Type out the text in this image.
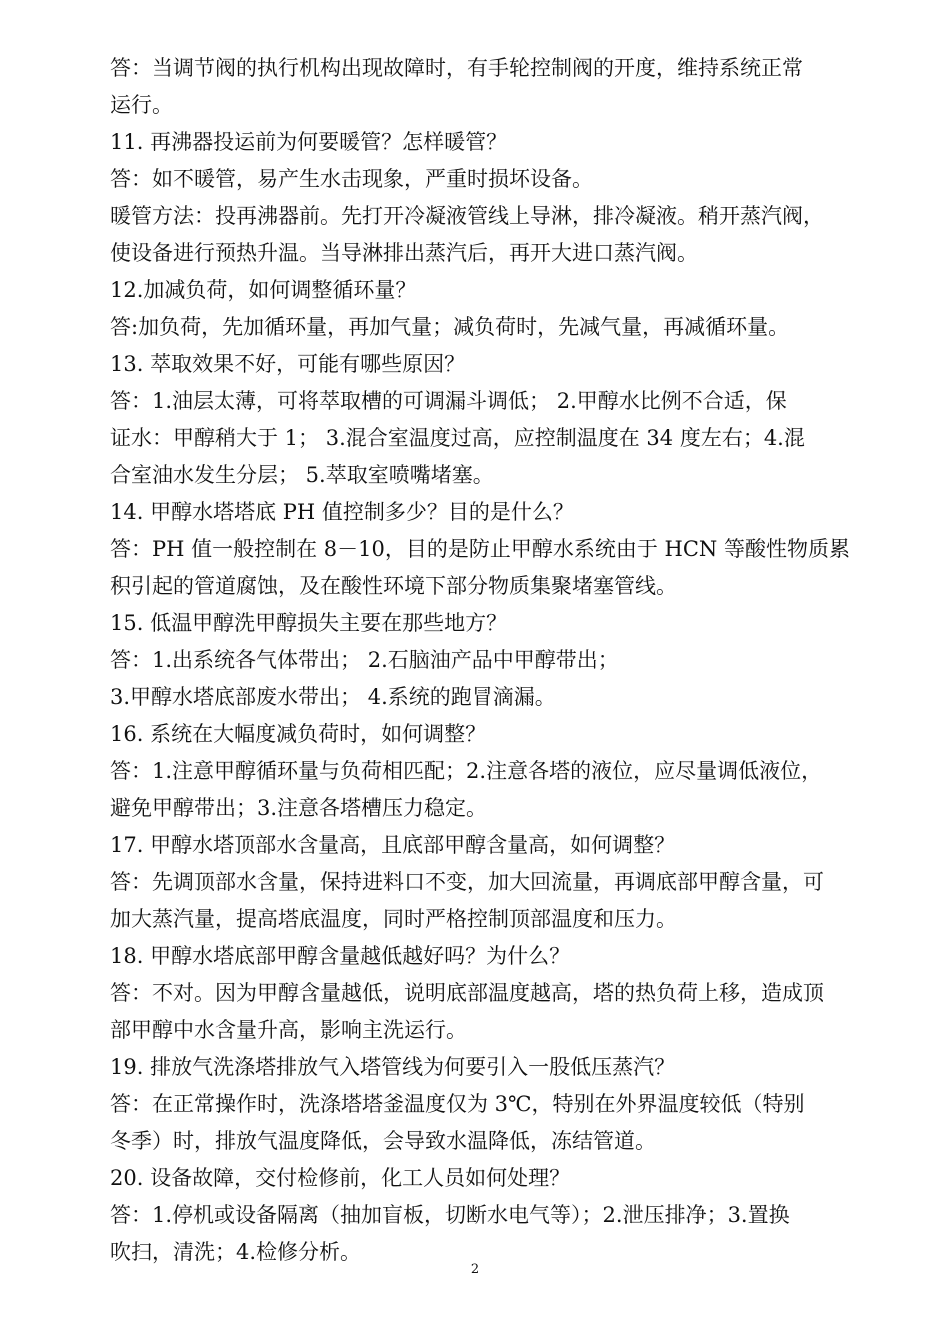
答：当调节阀的执行机构出现故障时，有手轮控制阀的开度，维持系统正常
运行。
11. 再沸器投运前为何要暖管？怎样暖管？
答：如不暖管，易产生水击现象，严重时损坏设备。
暖管方法：投再沸器前。先打开冷凝液管线上导淋，排冷凝液。稍开蒸汽阀，
使设备进行预热升温。当导淋排出蒸汽后，再开大进口蒸汽阀。
12.加减负荷，如何调整循环量？
答:加负荷，先加循环量，再加气量；减负荷时，先减气量，再减循环量。
13. 萃取效果不好，可能有哪些原因？
答：1.油层太薄，可将萃取槽的可调漏斗调低； 2.甲醇水比例不合适，保
证水：甲醇稍大于 1； 3.混合室温度过高，应控制温度在 34 度左右；4.混
合室油水发生分层； 5.萃取室喷嘴堵塞。
14. 甲醇水塔塔底 PH 值控制多少？目的是什么？
答：PH 值一般控制在 8－10，目的是防止甲醇水系统由于 HCN 等酸性物质累
积引起的管道腐蚀，及在酸性环境下部分物质集聚堵塞管线。
15. 低温甲醇洗甲醇损失主要在那些地方？
答：1.出系统各气体带出； 2.石脑油产品中甲醇带出；
3.甲醇水塔底部废水带出； 4.系统的跑冒滴漏。
16. 系统在大幅度减负荷时，如何调整？
答：1.注意甲醇循环量与负荷相匹配；2.注意各塔的液位，应尽量调低液位，
避免甲醇带出；3.注意各塔槽压力稳定。
17. 甲醇水塔顶部水含量高，且底部甲醇含量高，如何调整？
答：先调顶部水含量，保持进料口不变，加大回流量，再调底部甲醇含量，可
加大蒸汽量，提高塔底温度，同时严格控制顶部温度和压力。
18. 甲醇水塔底部甲醇含量越低越好吗？为什么？
答：不对。因为甲醇含量越低，说明底部温度越高，塔的热负荷上移，造成顶
部甲醇中水含量升高，影响主洗运行。
19. 排放气洗涤塔排放气入塔管线为何要引入一股低压蒸汽？
答：在正常操作时，洗涤塔塔釜温度仅为 3℃，特别在外界温度较低（特别
冬季）时，排放气温度降低，会导致水温降低，冻结管道。
20. 设备故障，交付检修前，化工人员如何处理？
答：1.停机或设备隔离（抽加盲板，切断水电气等）；2.泄压排净；3.置换
吹扫，清洗；4.检修分析。
2
